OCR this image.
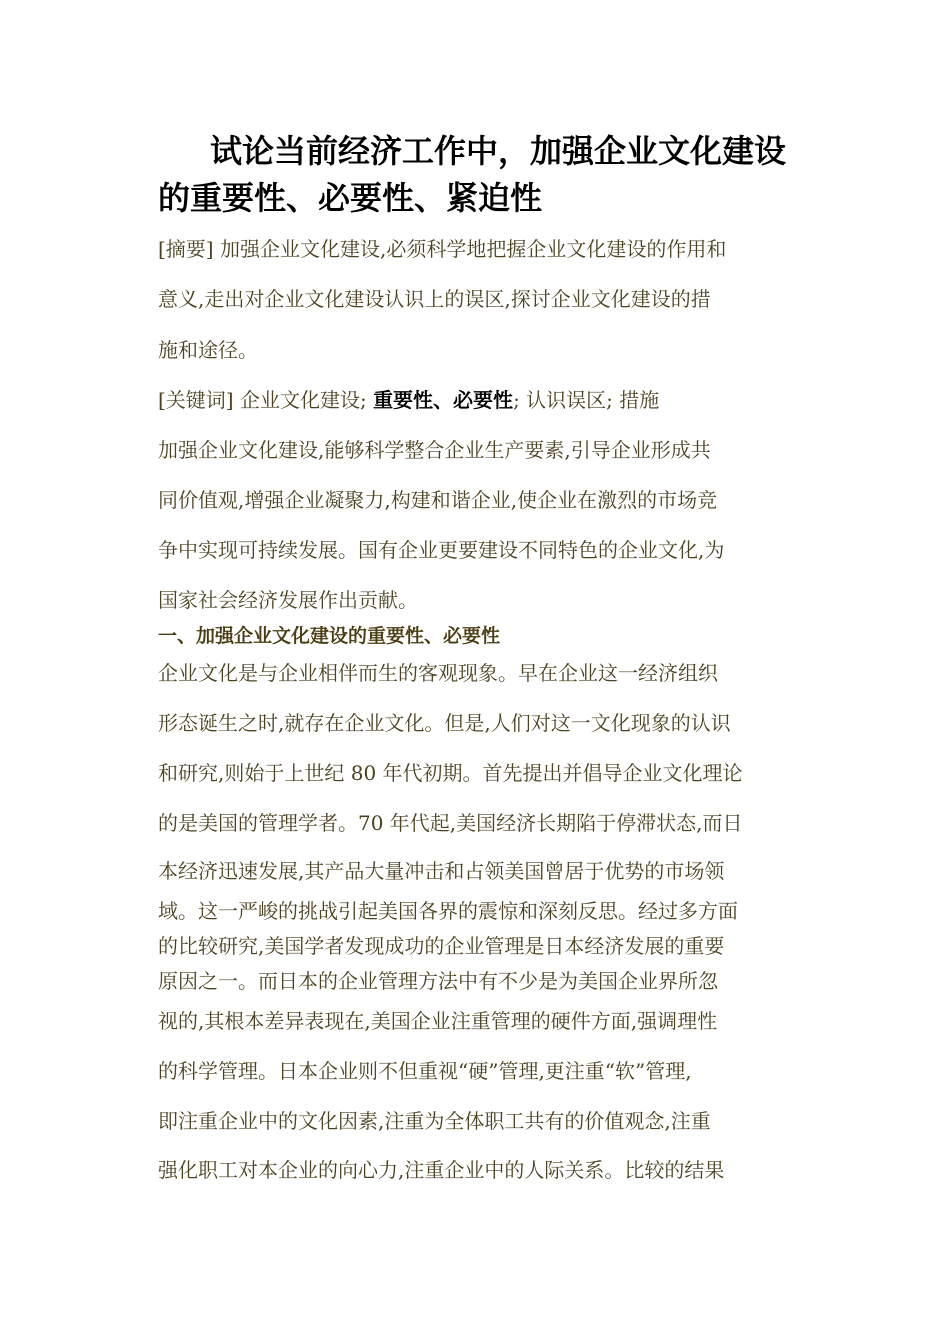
试论当前经济工作中，加强企业文化建设的重要性、必要性、紧迫性

[摘要] 加强企业文化建设,必须科学地把握企业文化建设的作用和

意义,走出对企业文化建设认识上的误区,探讨企业文化建设的措

施和途径。

[关键词] 企业文化建设; 重要性、必要性; 认识误区; 措施

加强企业文化建设,能够科学整合企业生产要素,引导企业形成共

同价值观,增强企业凝聚力,构建和谐企业,使企业在激烈的市场竞

争中实现可持续发展。国有企业更要建设不同特色的企业文化,为

国家社会经济发展作出贡献。

一、加强企业文化建设的重要性、必要性

企业文化是与企业相伴而生的客观现象。早在企业这一经济组织

形态诞生之时,就存在企业文化。但是,人们对这一文化现象的认识

和研究,则始于上世纪 80 年代初期。首先提出并倡导企业文化理论

的是美国的管理学者。70 年代起,美国经济长期陷于停滞状态,而日

本经济迅速发展,其产品大量冲击和占领美国曾居于优势的市场领

域。这一严峻的挑战引起美国各界的震惊和深刻反思。经过多方面

的比较研究,美国学者发现成功的企业管理是日本经济发展的重要

原因之一。而日本的企业管理方法中有不少是为美国企业界所忽

视的,其根本差异表现在,美国企业注重管理的硬件方面,强调理性

的科学管理。日本企业则不但重视“硬”管理,更注重“软”管理,

即注重企业中的文化因素,注重为全体职工共有的价值观念,注重

强化职工对本企业的向心力,注重企业中的人际关系。比较的结果
